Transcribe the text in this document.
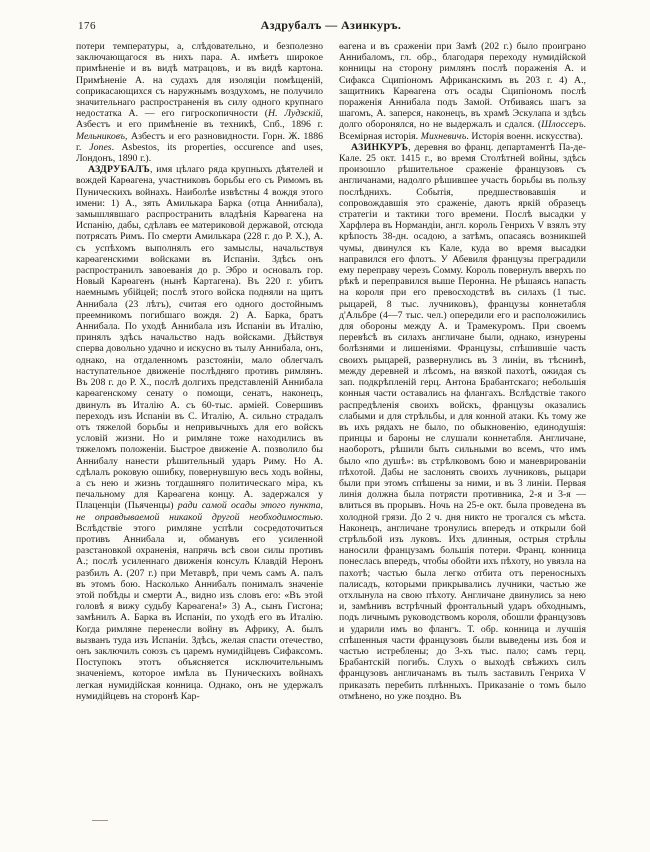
176	Аздрубалъ — Азинкуръ.

потери температуры, а, слѣдовательно, и безполезно заключающагося въ нихъ пара. А. имѣетъ широкое примѣненіе и въ видѣ матрацовъ, и въ видѣ картона. Примѣненіе А. на судахъ для изоляціи помѣщеній, соприкасающихся съ наружнымъ воздухомъ, не получило значительнаго распространенія въ силу одного крупнаго недостатка А. — его гигроскопичности (Н. Лудзскій, Азбестъ и его примѣненіе въ техникѣ, Спб., 1896 г. Мельниковъ, Азбестъ и его разновидности. Горн. Ж. 1886 г. Jones. Asbestos, its properties, occurence and uses, Лондонъ, 1890 г.).

АЗДРУБАЛЪ, имя цѣлаго ряда крупныхъ дѣятелей и вождей Карѳагена, участниковъ борьбы его съ Римомъ въ Пуническихъ войнахъ. Наиболѣе извѣстны 4 вождя этого имени: 1) А., зять Амилькара Барка (отца Аннибала), замышлявшаго распространить владѣнія Карѳагена на Испанію, дабы, сдѣлавъ ее материковой державой, отсюда потрясать Римъ. По смерти Амилькара (228 г. до Р. Х.), А. съ успѣхомъ выполнялъ его замыслы, начальствуя карѳагенскими войсками въ Испаніи. Здѣсь онъ распространилъ завоеванія до р. Эбро и основалъ гор. Новый Карѳагенъ (нынѣ Картагена). Въ 220 г. убитъ наемнымъ убійцей; послѣ этого войска подняли на щитъ Аннибала (23 лѣтъ), считая его одного достойнымъ преемникомъ погибшаго вождя. 2) А. Барка, братъ Аннибала. По уходѣ Аннибала изъ Испаніи въ Италію, принялъ здѣсь начальство надъ войсками. Дѣйствуя сперва довольно удачно и искусно въ тылу Аннибала, онъ, однако, на отдаленномъ разстояніи, мало облегчалъ наступательное движеніе послѣдняго противъ римлянъ. Въ 208 г. до Р. Х., послѣ долгихъ представленій Аннибала карѳагенскому сенату о помощи, сенатъ, наконецъ, двинулъ въ Италію А. съ 60-тыс. арміей. Совершивъ переходъ изъ Испаніи въ С. Италію, А. сильно страдалъ отъ тяжелой борьбы и непривычныхъ для его войскъ условій жизни. Но и римляне тоже находились въ тяжеломъ положеніи. Быстрое движеніе А. позволило бы Аннибалу нанести рѣшительный ударъ Риму. Но А. сдѣлалъ роковую ошибку, повернувшую весь ходъ войны, а съ нею и жизнь тогдашняго политическаго міра, къ печальному для Карѳагена концу. А. задержался у Плаценціи (Пьяченцы) ради самой осады этого пункта, не оправдываемой никакой другой необходимостью. Вслѣдствіе этого римляне успѣли сосредоточиться противъ Аннибала и, обманувъ его усиленной разстановкой охраненія, напрячь всѣ свои силы противъ А.; послѣ усиленнаго движенія консулъ Клавдій Неронъ разбилъ А. (207 г.) при Метаврѣ, при чемъ самъ А. палъ въ этомъ бою. Насколько Аннибалъ понималъ значеніе этой побѣды и смерти А., видно изъ словъ его: «Въ этой головѣ я вижу судьбу Карѳагена!» 3) А., сынъ Гисгона; замѣнилъ А. Барка въ Испаніи, по уходѣ его въ Италію. Когда римляне перенесли войну въ Африку, А. былъ вызванъ туда изъ Испаніи. Здѣсь, желая спасти отечество, онъ заключилъ союзъ съ царемъ нумидійцевъ Сифаксомъ. Поступокъ этотъ объясняется исключительнымъ значеніемъ, которое имѣла въ Пуническихъ войнахъ легкая нумидійская конница. Однако, онъ не удержалъ нумидійцевъ на сторонѣ Кар-

ѳагена и въ сраженіи при Замѣ (202 г.) было проиграно Аннибаломъ, гл. обр., благодаря переходу нумидійской конницы на сторону римлянъ послѣ пораженія А. и Сифакса Сципіономъ Африканскимъ въ 203 г. 4) А., защитникъ Карѳагена отъ осады Сципіономъ послѣ пораженія Аннибала подъ Замой. Отбиваясь шагъ за шагомъ, А. заперся, наконецъ, въ храмѣ Эскулапа и здѣсь долго оборонялся, но не выдержалъ и сдался. (Шлоссеръ. Всемірная исторія. Михневичъ. Исторія военн. искусства).

АЗИНКУРЪ, деревня во франц. департаментѣ Па-де-Кале. 25 окт. 1415 г., во время Столѣтней войны, здѣсь произошло рѣшительное сраженіе французовъ съ англичанами, надолго рѣшившее участь борьбы въ пользу послѣднихъ. Событія, предшествовавшія и сопровождавшія это сраженіе, даютъ яркій образецъ стратегіи и тактики того времени. Послѣ высадки у Харфлера въ Нормандіи, англ. король Генрихъ V взялъ эту крѣпость 38-дн. осадою, а затѣмъ, опасаясь возникшей чумы, двинулся къ Кале, куда во время высадки направился его флотъ. У Абевиля французы преградили ему переправу черезъ Сомму. Король повернулъ вверхъ по рѣкѣ и переправился выше Перонна. Не рѣшаясь напасть на короля при его превосходствѣ въ силахъ (1 тыс. рыцарей, 8 тыс. лучниковъ), французы коннетабля д'Альбре (4—7 тыс. чел.) опередили его и расположились для обороны между А. и Трамекуромъ. При своемъ перевѣсѣ въ силахъ англичане были, однако, изнурены болѣзнями и лишеніями. Французы, спѣшившіе часть своихъ рыцарей, развернулись въ 3 линіи, въ тѣснинѣ, между деревней и лѣсомъ, на вязкой пахотѣ, ожидая съ зап. подкрѣпленій герц. Антона Брабантскаго; небольшія конныя части оставались на флангахъ. Вслѣдствіе такого распредѣленія своихъ войскъ, французы оказались слабыми и для стрѣльбы, и для конной атаки. Къ тому же въ ихъ рядахъ не было, по обыкновенію, единодушія: принцы и бароны не слушали коннетабля. Англичане, наоборотъ, рѣшили быть сильными во всемъ, что имъ было «по душѣ»: въ стрѣлковомъ бою и маневрированіи пѣхотой. Дабы не заслонять своихъ лучниковъ, рыцари были при этомъ спѣшены за ними, и въ 3 линіи. Первая линія должна была потрясти противника, 2-я и 3-я — влиться въ прорывъ. Ночь на 25-е окт. была проведена въ холодной грязи. До 2 ч. дня никто не трогался съ мѣста. Наконецъ, англичане тронулись впередъ и открыли бой стрѣльбой изъ луковъ. Ихъ длинныя, острыя стрѣлы наносили французамъ большія потери. Франц. конница понеслась впередъ, чтобы обойти ихъ пѣхоту, но увязла на пахотѣ; частью была легко отбита отъ переносныхъ палисадъ, которыми прикрывались лучники, частью же отхлынула на свою пѣхоту. Англичане двинулись за нею и, замѣнивъ встрѣчный фронтальный ударъ обходнымъ, подъ личнымъ руководствомъ короля, обошли французовъ и ударили имъ во флангъ. Т. обр. конница и лучшія спѣшенныя части французовъ были выведены изъ боя и частью истреблены; до 3-хъ тыс. пало; самъ герц. Брабантскій погибъ. Слухъ о выходѣ свѣжихъ силъ французовъ англичанамъ въ тылъ заставилъ Генриха V приказать перебить плѣнныхъ. Приказаніе о томъ было отмѣнено, но уже поздно. Въ
